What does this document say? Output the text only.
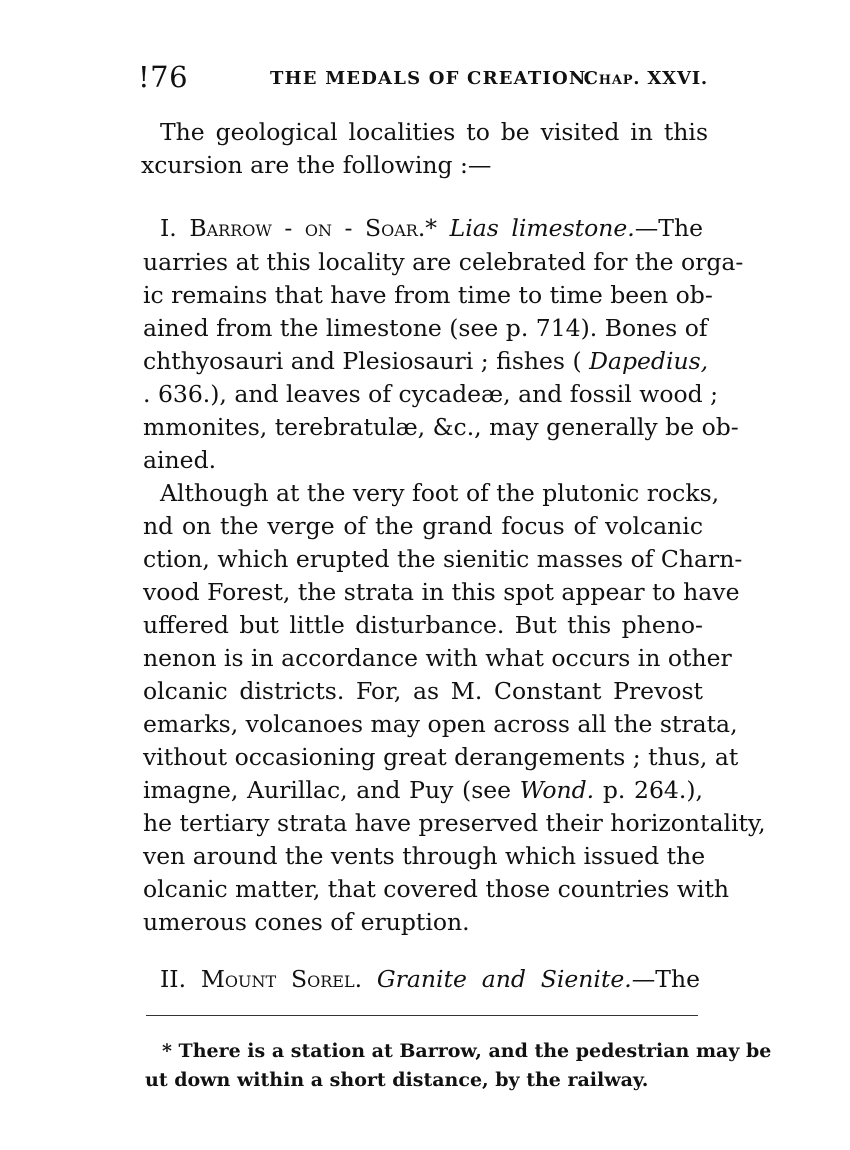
!76	THE MEDALS OF CREATION.
Chap. XXVI.
The geological localities to be visited in this
xcursion are the following :—
I. Barrow - on - Soar.* Lias limestone.—The
uarries at this locality are celebrated for the orga-
ic remains that have from time to time been ob-
ained from the limestone (see p. 714). Bones of
chthyosauri and Plesiosauri ; fishes ( Dapedius,
. 636.), and leaves of cycadeæ, and fossil wood ;
mmonites, terebratulæ, &c., may generally be ob-
ained.
Although at the very foot of the plutonic rocks,
nd on the verge of the grand focus of volcanic
ction, which erupted the sienitic masses of Charn-
vood Forest, the strata in this spot appear to have
uffered but little disturbance. But this pheno-
nenon is in accordance with what occurs in other
olcanic districts. For, as M. Constant Prevost
emarks, volcanoes may open across all the strata,
vithout occasioning great derangements ; thus, at
imagne, Aurillac, and Puy (see Wond. p. 264.),
he tertiary strata have preserved their horizontality,
ven around the vents through which issued the
olcanic matter, that covered those countries with
umerous cones of eruption.
II. Mount Sorel. Granite and Sienite.—The
* There is a station at Barrow, and the pedestrian may be
ut down within a short distance, by the railway.
